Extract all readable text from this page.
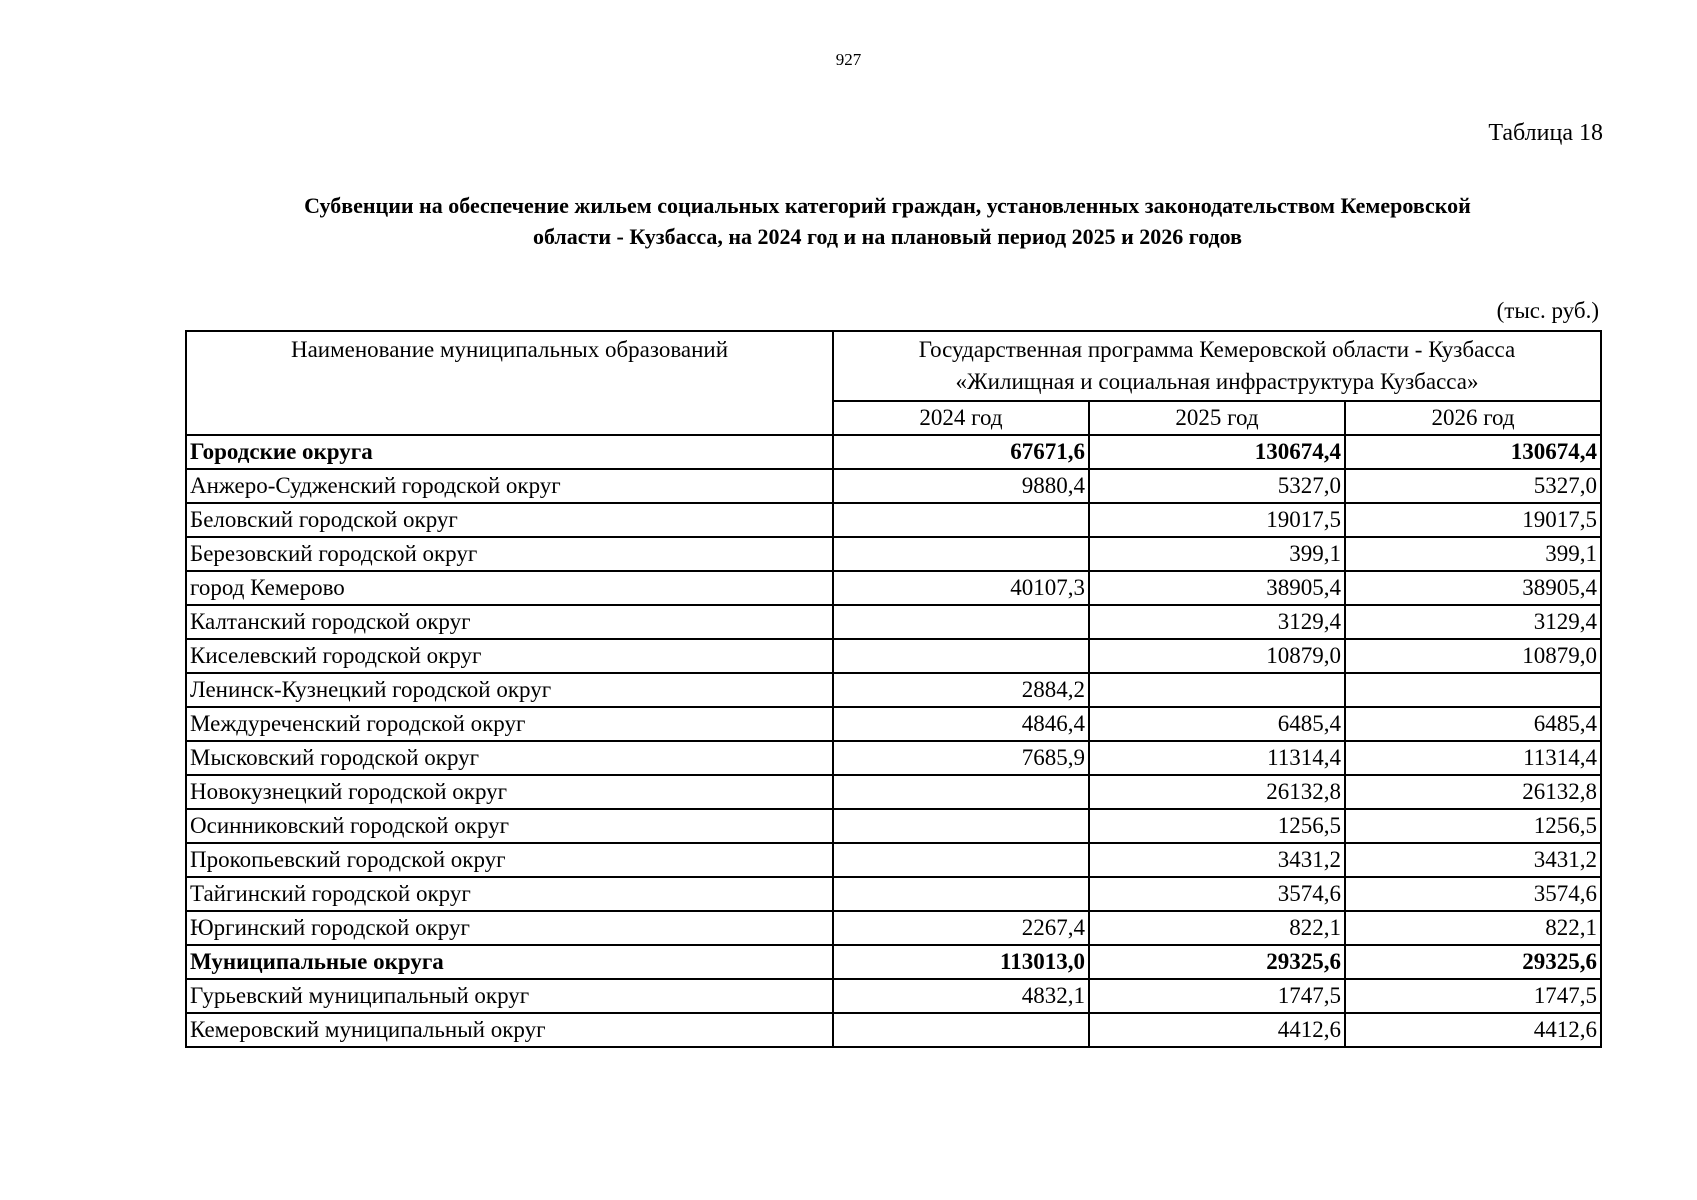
927
Таблица 18
Субвенции на обеспечение жильем социальных категорий граждан, установленных законодательством Кемеровской
области - Кузбасса, на 2024 год и на плановый период 2025 и 2026 годов
(тыс. руб.)
Наименование муниципальных образований	Государственная программа Кемеровской области - Кузбасса
«Жилищная и социальная инфраструктура Кузбасса»		

	2024 год	2025 год	2026 год
Городские округа	67671,6	130674,4	130674,4
Анжеро-Судженский городской округ	9880,4	5327,0	5327,0
Беловский городской округ		19017,5	19017,5
Березовский городской округ		399,1	399,1
город Кемерово	40107,3	38905,4	38905,4
Калтанский городской округ		3129,4	3129,4
Киселевский городской округ		10879,0	10879,0
Ленинск-Кузнецкий городской округ	2884,2		
Междуреченский городской округ	4846,4	6485,4	6485,4
Мысковский городской округ	7685,9	11314,4	11314,4
Новокузнецкий городской округ		26132,8	26132,8
Осинниковский городской округ		1256,5	1256,5
Прокопьевский городской округ		3431,2	3431,2
Тайгинский городской округ		3574,6	3574,6
Юргинский городской округ	2267,4	822,1	822,1
Муниципальные округа	113013,0	29325,6	29325,6
Гурьевский муниципальный округ	4832,1	1747,5	1747,5
Кемеровский муниципальный округ		4412,6	4412,6
